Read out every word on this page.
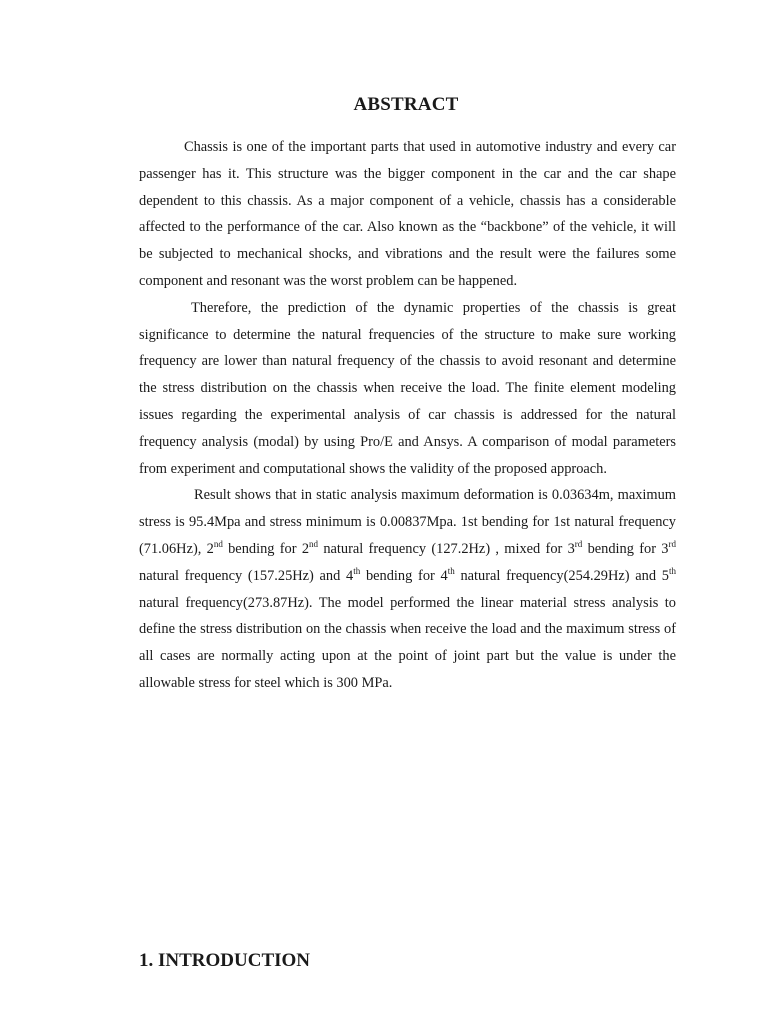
ABSTRACT

Chassis is one of the important parts that used in automotive industry and every car passenger has it. This structure was the bigger component in the car and the car shape dependent to this chassis. As a major component of a vehicle, chassis has a considerable affected to the performance of the car. Also known as the “backbone” of the vehicle, it will be subjected to mechanical shocks, and vibrations and the result were the failures some component and resonant was the worst problem can be happened.

Therefore, the prediction of the dynamic properties of the chassis is great significance to determine the natural frequencies of the structure to make sure working frequency are lower than natural frequency of the chassis to avoid resonant and determine the stress distribution on the chassis when receive the load. The finite element modeling issues regarding the experimental analysis of car chassis is addressed for the natural frequency analysis (modal) by using Pro/E and Ansys. A comparison of modal parameters from experiment and computational shows the validity of the proposed approach.

Result shows that in static analysis maximum deformation is 0.03634m, maximum stress is 95.4Mpa and stress minimum is 0.00837Mpa. 1st bending for 1st natural frequency (71.06Hz), 2nd bending for 2nd natural frequency (127.2Hz) , mixed for 3rd bending for 3rd natural frequency (157.25Hz) and 4th bending for 4th natural frequency(254.29Hz) and 5th natural frequency(273.87Hz). The model performed the linear material stress analysis to define the stress distribution on the chassis when receive the load and the maximum stress of all cases are normally acting upon at the point of joint part but the value is under the allowable stress for steel which is 300 MPa.

1. INTRODUCTION
